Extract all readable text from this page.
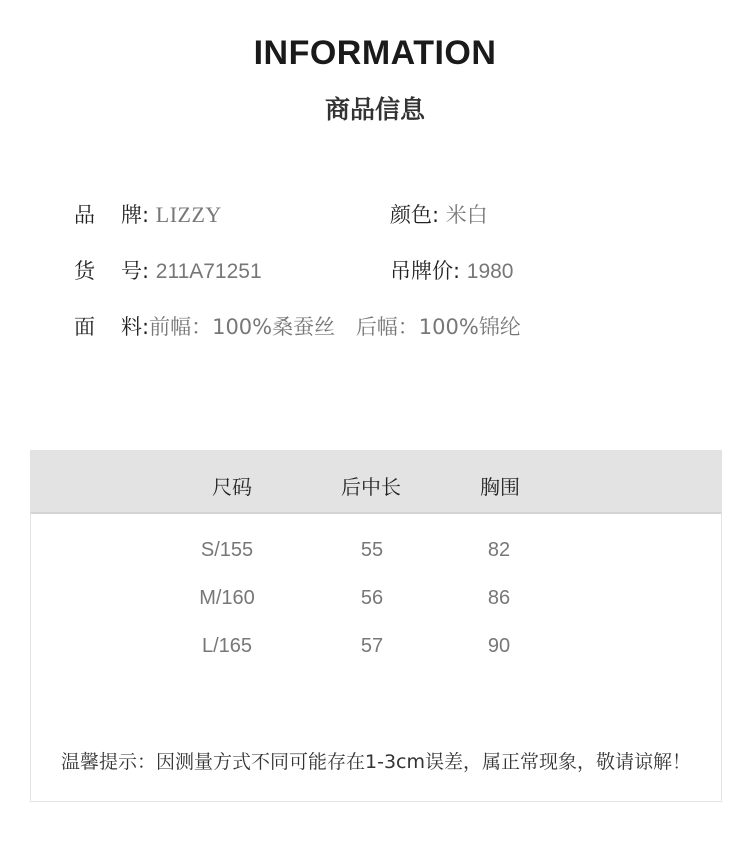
INFORMATION
商品信息
品 牌: LIZZY	颜色: 米白
货 号: 211A71251	吊牌价: 1980
面 料:前幅：100%桑蚕丝 后幅：100%锦纶
尺码	后中长	胸围
S/155	55	82
M/160	56	86
L/165	57	90
温馨提示：因测量方式不同可能存在1-3cm误差，属正常现象，敬请谅解！
